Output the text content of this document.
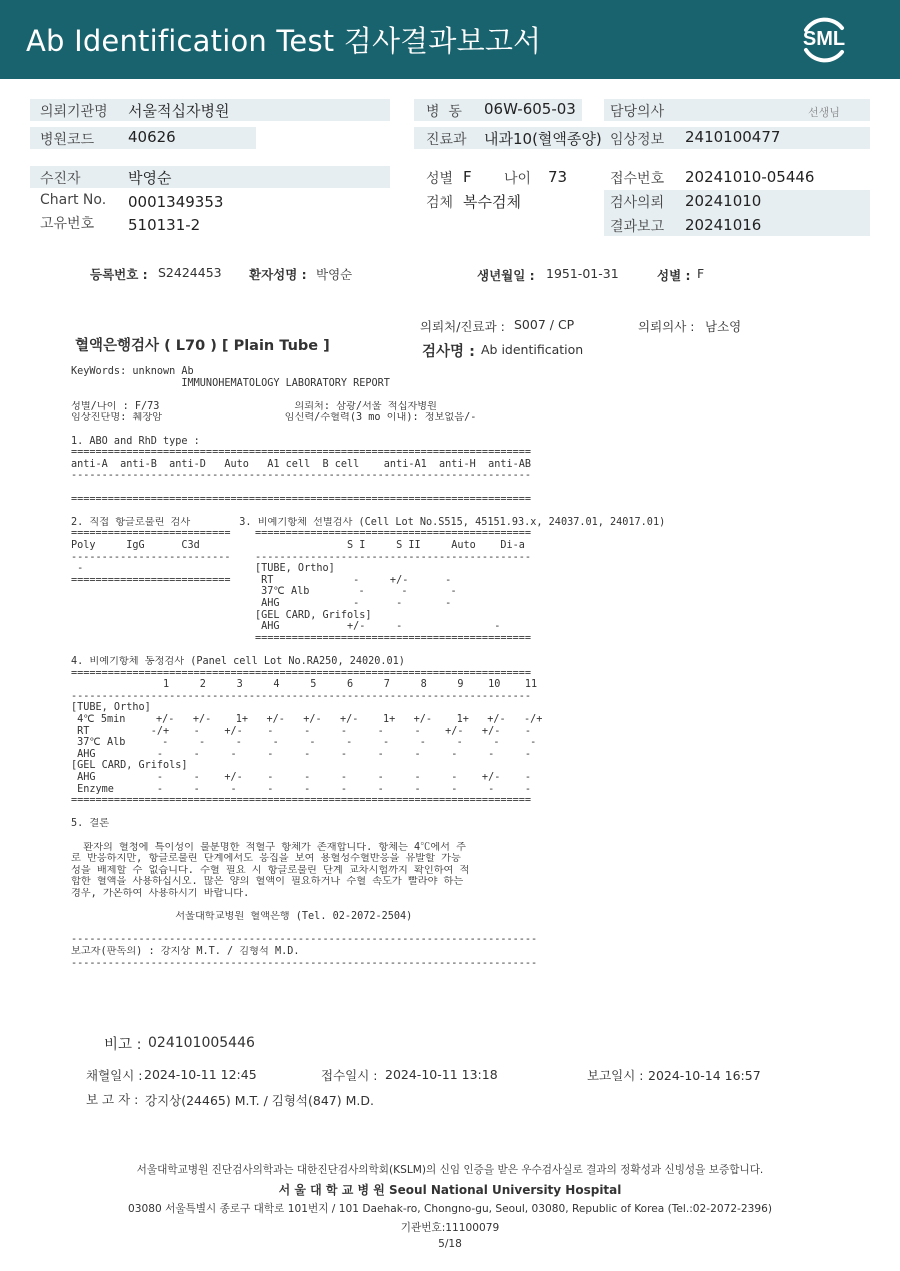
Ab Identification Test 검사결과보고서	SML
의뢰기관명 서울적십자병원
병원코드 40626
병  동 06W-605-03 담당의사	선생님
진료과 내과10(혈액종양) 임상정보 2410100477
수진자	박영순
Chart No. 0001349353
고유번호 510131-2
성별 F 나이 73
검체 복수검체
접수번호 20241010-05446
검사의뢰 20241010
결과보고 20241016
등록번호 : S2424453 환자성명 : 박영순	생년월일 : 1951-01-31	성별 : F
의뢰처/진료과 : S007 / CP	의뢰의사 : 남소영
혈액은행검사 ( L70 ) [ Plain Tube ]	검사명 : Ab identification
KeyWords: unknown Ab
IMMUNOHEMATOLOGY LABORATORY REPORT
성별/나이 : F/73                      의뢰처: 삼광/서울 적십자병원
임상진단명: 췌장암                    임신력/수혈력(3 mo 이내): 정보없음/-
1. ABO and RhD type :
===========================================================================
anti-A  anti-B  anti-D   Auto   A1 cell  B cell    anti-A1  anti-H  anti-AB
---------------------------------------------------------------------------
===========================================================================
2. 직접 항글로불린 검사        3. 비예기항체 선별검사 (Cell Lot No.S515, 45151.93.x, 24037.01, 24017.01)
==========================    =============================================
Poly     IgG      C3d                        S I     S II     Auto    Di-a
--------------------------    ---------------------------------------------
-                            [TUBE, Ortho]
==========================     RT             -     +/-      -
37℃ Alb        -      -       -
AHG            -      -       -
[GEL CARD, Grifols]
AHG           +/-     -               -
=============================================
4. 비예기항체 동정검사 (Panel cell Lot No.RA250, 24020.01)
===========================================================================
1     2     3     4     5     6     7     8     9    10    11
---------------------------------------------------------------------------
[TUBE, Ortho]
4℃ 5min     +/-   +/-    1+   +/-   +/-   +/-    1+   +/-    1+   +/-   -/+
RT          -/+    -    +/-    -     -     -     -     -    +/-   +/-    -
37℃ Alb      -     -     -     -     -     -     -     -     -     -     -
AHG          -     -     -     -     -     -     -     -     -     -     -
[GEL CARD, Grifols]
AHG          -     -    +/-    -     -     -     -     -     -    +/-    -
Enzyme       -     -     -     -     -     -     -     -     -     -     -
===========================================================================
5. 결론
환자의 혈청에 특이성이 불분명한 적혈구 항체가 존재합니다. 항체는 4℃에서 주
로 반응하지만, 항글로불린 단계에서도 응집을 보여 용혈성수혈반응을 유발할 가능
성을 배제할 수 없습니다. 수혈 필요 시 항글로불린 단계 교차시험까지 확인하여 적
합한 혈액을 사용하십시오. 많은 양의 혈액이 필요하거나 수혈 속도가 빨라야 하는
경우, 가온하여 사용하시기 바랍니다.
서울대학교병원 혈액은행 (Tel. 02-2072-2504)
----------------------------------------------------------------------------
보고자(판독의) : 강지상 M.T. / 김형석 M.D.
----------------------------------------------------------------------------
비고 : 024101005446
채혈일시 : 2024-10-11 12:45	접수일시 : 2024-10-11 13:18	보고일시 : 2024-10-14 16:57
보 고 자 : 강지상(24465) M.T. / 김형석(847) M.D.
서울대학교병원 진단검사의학과는 대한진단검사의학회(KSLM)의 신임 인증을 받은 우수검사실로 결과의 정확성과 신빙성을 보증합니다.
서 울 대 학 교 병 원 Seoul National University Hospital
03080 서울특별시 종로구 대학로 101번지 / 101 Daehak-ro, Chongno-gu, Seoul, 03080, Republic of Korea (Tel.:02-2072-2396)
기관번호:11100079
5/18
